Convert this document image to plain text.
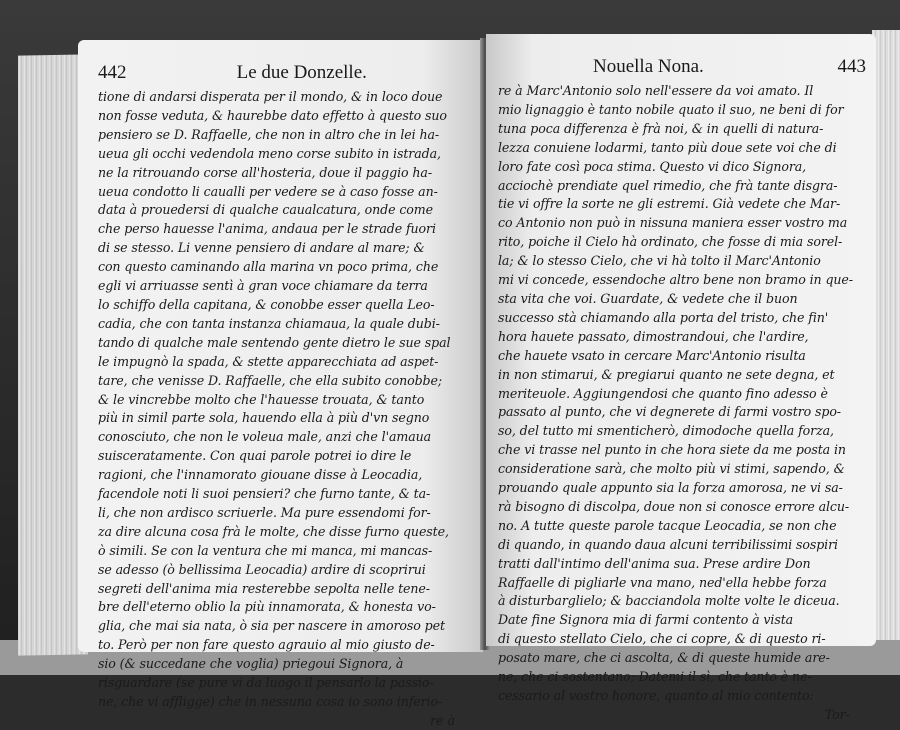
442	Le due Donzelle.
tione di andarsi disperata per il mondo, & in loco doue
non fosse veduta, & haurebbe dato effetto à questo suo
pensiero se D. Raffaelle, che non in altro che in lei ha-
ueua gli occhi vedendola meno corse subito in istrada,
ne la ritrouando corse all'hosteria, doue il paggio ha-
ueua condotto li caualli per vedere se à caso fosse an-
data à prouedersi di qualche caualcatura, onde come
che perso hauesse l'anima, andaua per le strade fuori
di se stesso. Li venne pensiero di andare al mare; &
con questo caminando alla marina vn poco prima, che
egli vi arriuasse sentì à gran voce chiamare da terra
lo schiffo della capitana, & conobbe esser quella Leo-
cadia, che con tanta instanza chiamaua, la quale dubi-
tando di qualche male sentendo gente dietro le sue spal
le impugnò la spada, & stette apparecchiata ad aspet-
tare, che venisse D. Raffaelle, che ella subito conobbe;
& le vincrebbe molto che l'hauesse trouata, & tanto
più in simil parte sola, hauendo ella à più d'vn segno
conosciuto, che non le voleua male, anzi che l'amaua
suisceratamente. Con quai parole potrei io dire le
ragioni, che l'innamorato giouane disse à Leocadia,
facendole noti li suoi pensieri? che furno tante, & ta-
li, che non ardisco scriuerle. Ma pure essendomi for-
za dire alcuna cosa frà le molte, che disse furno queste,
ò simili. Se con la ventura che mi manca, mi mancas-
se adesso (ò bellissima Leocadia) ardire di scoprirui
segreti dell'anima mia resterebbe sepolta nelle tene-
bre dell'eterno oblio la più innamorata, & honesta vo-
glia, che mai sia nata, ò sia per nascere in amoroso pet
to. Però per non fare questo agrauio al mio giusto de-
sio (& succedane che voglia) priegoui Signora, à
risguardare (se pure vi da luogo il pensarlo la passio-
ne, che vi affligge) che in nessuna cosa io sono inferio-
re à
Nouella Nona.	443
re à Marc'Antonio solo nell'essere da voi amato. Il
mio lignaggio è tanto nobile quato il suo, ne beni di for
tuna poca differenza è frà noi, & in quelli di natura-
lezza conuiene lodarmi, tanto più doue sete voi che di
loro fate così poca stima. Questo vi dico Signora,
acciochè prendiate quel rimedio, che frà tante disgra-
tie vi offre la sorte ne gli estremi. Già vedete che Mar-
co Antonio non può in nissuna maniera esser vostro ma
rito, poiche il Cielo hà ordinato, che fosse di mia sorel-
la; & lo stesso Cielo, che vi hà tolto il Marc'Antonio
mi vi concede, essendoche altro bene non bramo in que-
sta vita che voi. Guardate, & vedete che il buon
successo stà chiamando alla porta del tristo, che fin'
hora hauete passato, dimostrandoui, che l'ardire,
che hauete vsato in cercare Marc'Antonio risulta
in non stimarui, & pregiarui quanto ne sete degna, et
meriteuole. Aggiungendosi che quanto fino adesso è
passato al punto, che vi degnerete di farmi vostro spo-
so, del tutto mi smenticherò, dimodoche quella forza,
che vi trasse nel punto in che hora siete da me posta in
consideratione sarà, che molto più vi stimi, sapendo, &
prouando quale appunto sia la forza amorosa, ne vi sa-
rà bisogno di discolpa, doue non si conosce errore alcu-
no. A tutte queste parole tacque Leocadia, se non che
di quando, in quando daua alcuni terribilissimi sospiri
tratti dall'intimo dell'anima sua. Prese ardire Don
Raffaelle di pigliarle vna mano, ned'ella hebbe forza
à disturbarglielo; & bacciandola molte volte le diceua.
Date fine Signora mia di farmi contento à vista
di questo stellato Cielo, che ci copre, & di questo ri-
posato mare, che ci ascolta, & di queste humide are-
ne, che ci sostentano; Datemi il sì, che tanto è ne-
cessario al vostro honore, quanto al mio contento:
Tor-
